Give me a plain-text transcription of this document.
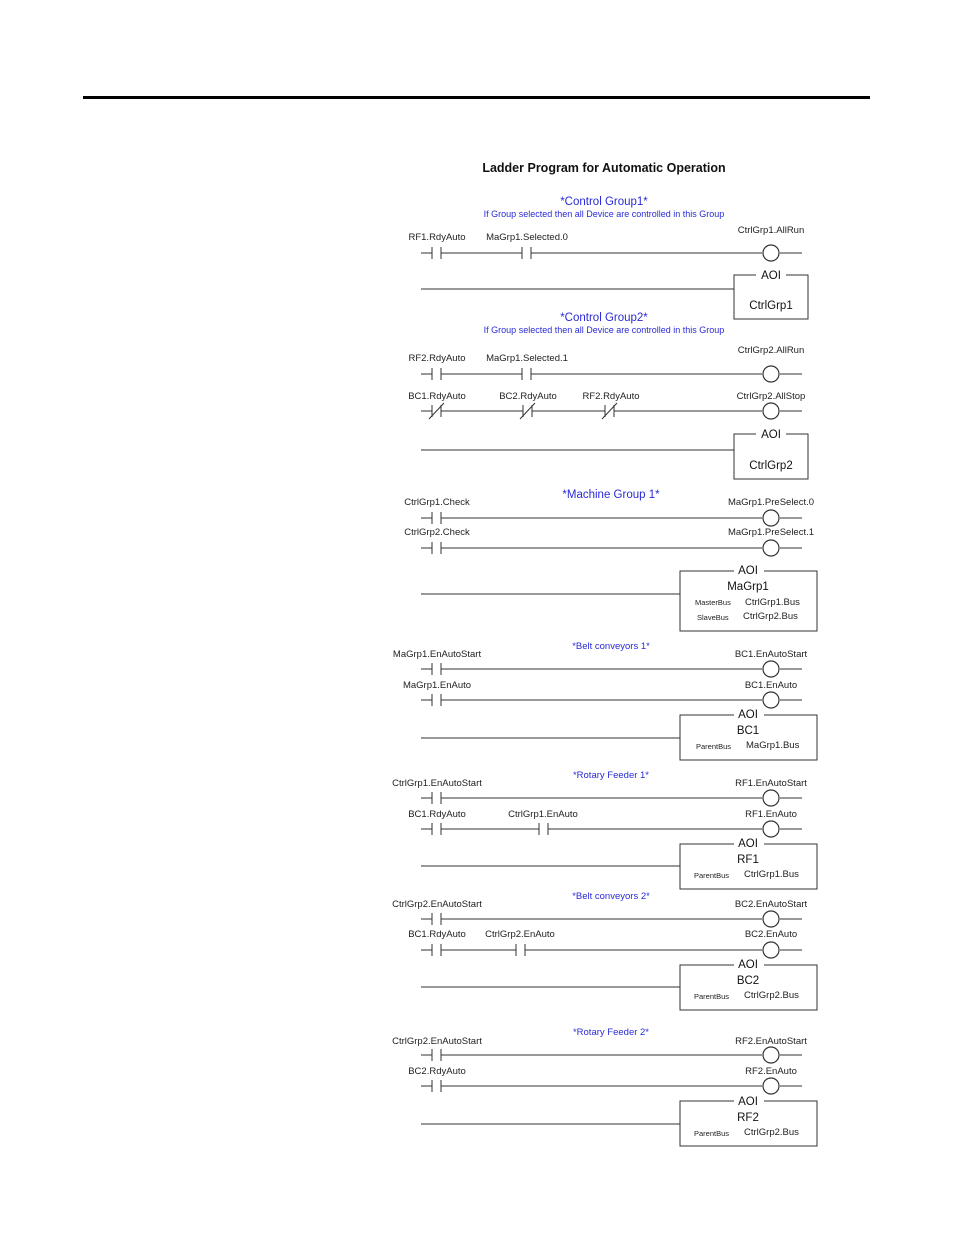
Ladder Program for Automatic Operation
*Control Group1*
If Group selected then all Device are controlled in this Group
RF1.RdyAuto MaGrp1.Selected.0
CtrlGrp1.AllRun
AOI
CtrlGrp1
*Control Group2*
If Group selected then all Device are controlled in this Group
RF2.RdyAuto MaGrp1.Selected.1
CtrlGrp2.AllRun
BC1.RdyAuto	BC2.RdyAuto	RF2.RdyAuto	CtrlGrp2.AllStop
AOI
CtrlGrp2
*Machine Group 1*
CtrlGrp1.Check	MaGrp1.PreSelect.0
CtrlGrp2.Check	MaGrp1.PreSelect.1
AOI
MaGrp1
MasterBus CtrlGrp1.Bus
SlaveBus CtrlGrp2.Bus
*Belt conveyors 1*
MaGrp1.EnAutoStart	BC1.EnAutoStart
MaGrp1.EnAuto	BC1.EnAuto
AOI
BC1
ParentBus MaGrp1.Bus
*Rotary Feeder 1*
CtrlGrp1.EnAutoStart	RF1.EnAutoStart
BC1.RdyAuto	CtrlGrp1.EnAuto	RF1.EnAuto
AOI
RF1
ParentBus CtrlGrp1.Bus
*Belt conveyors 2*
CtrlGrp2.EnAutoStart	BC2.EnAutoStart
BC1.RdyAuto CtrlGrp2.EnAuto	BC2.EnAuto
AOI
BC2
ParentBus CtrlGrp2.Bus
*Rotary Feeder 2*
CtrlGrp2.EnAutoStart	RF2.EnAutoStart
BC2.RdyAuto	RF2.EnAuto
AOI
RF2
ParentBus CtrlGrp2.Bus
